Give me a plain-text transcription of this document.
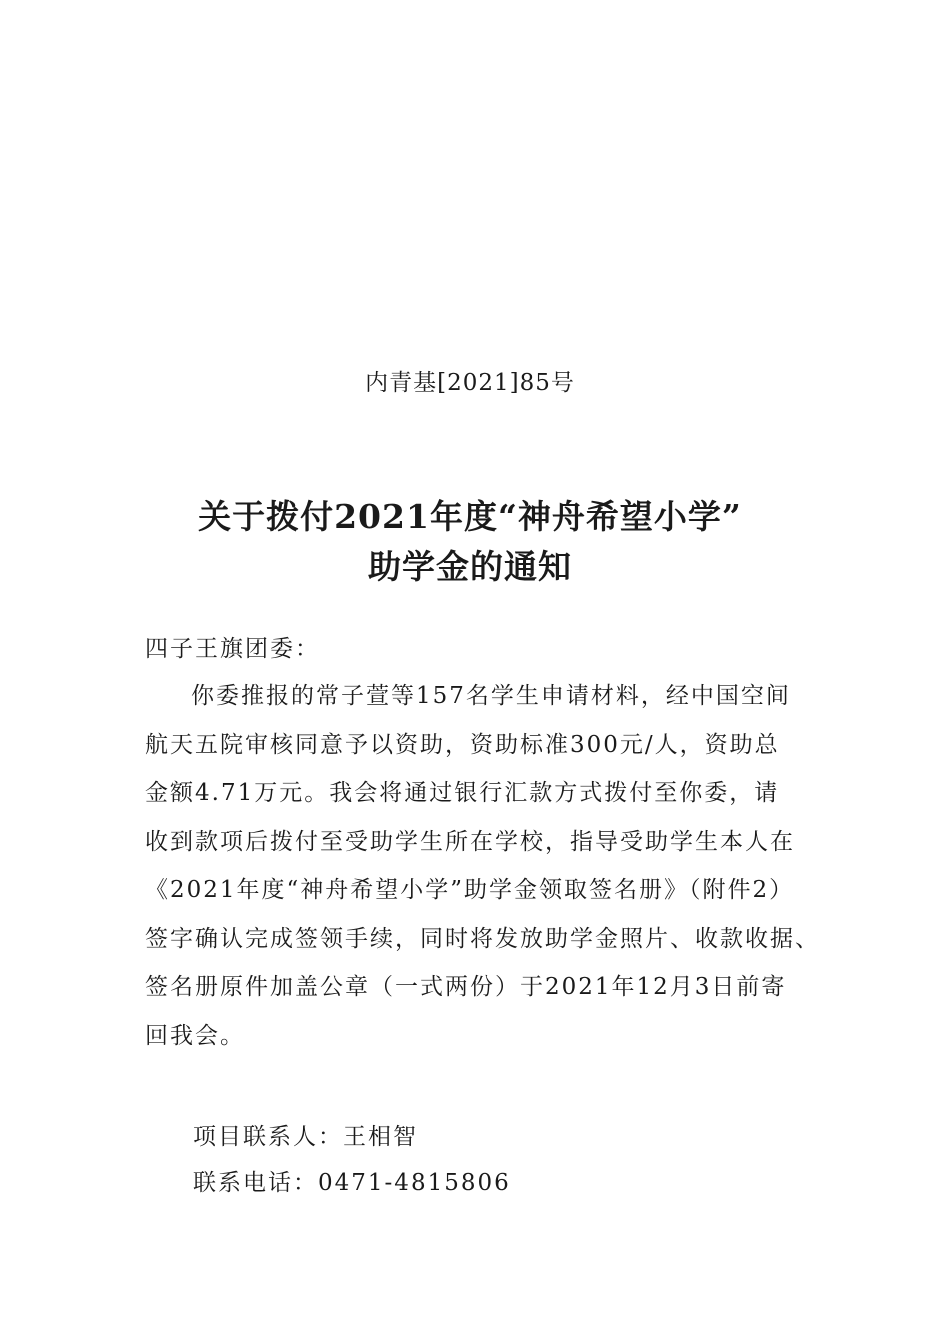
内青基[2021]85号
关于拨付2021年度“神舟希望小学”
助学金的通知
四子王旗团委：
你委推报的常子萱等157名学生申请材料，经中国空间
航天五院审核同意予以资助，资助标准300元/人，资助总
金额4.71万元。我会将通过银行汇款方式拨付至你委，请
收到款项后拨付至受助学生所在学校，指导受助学生本人在
《2021年度“神舟希望小学”助学金领取签名册》（附件2）
签字确认完成签领手续，同时将发放助学金照片、收款收据、
签名册原件加盖公章（一式两份）于2021年12月3日前寄
回我会。
项目联系人：王相智
联系电话：0471-4815806
